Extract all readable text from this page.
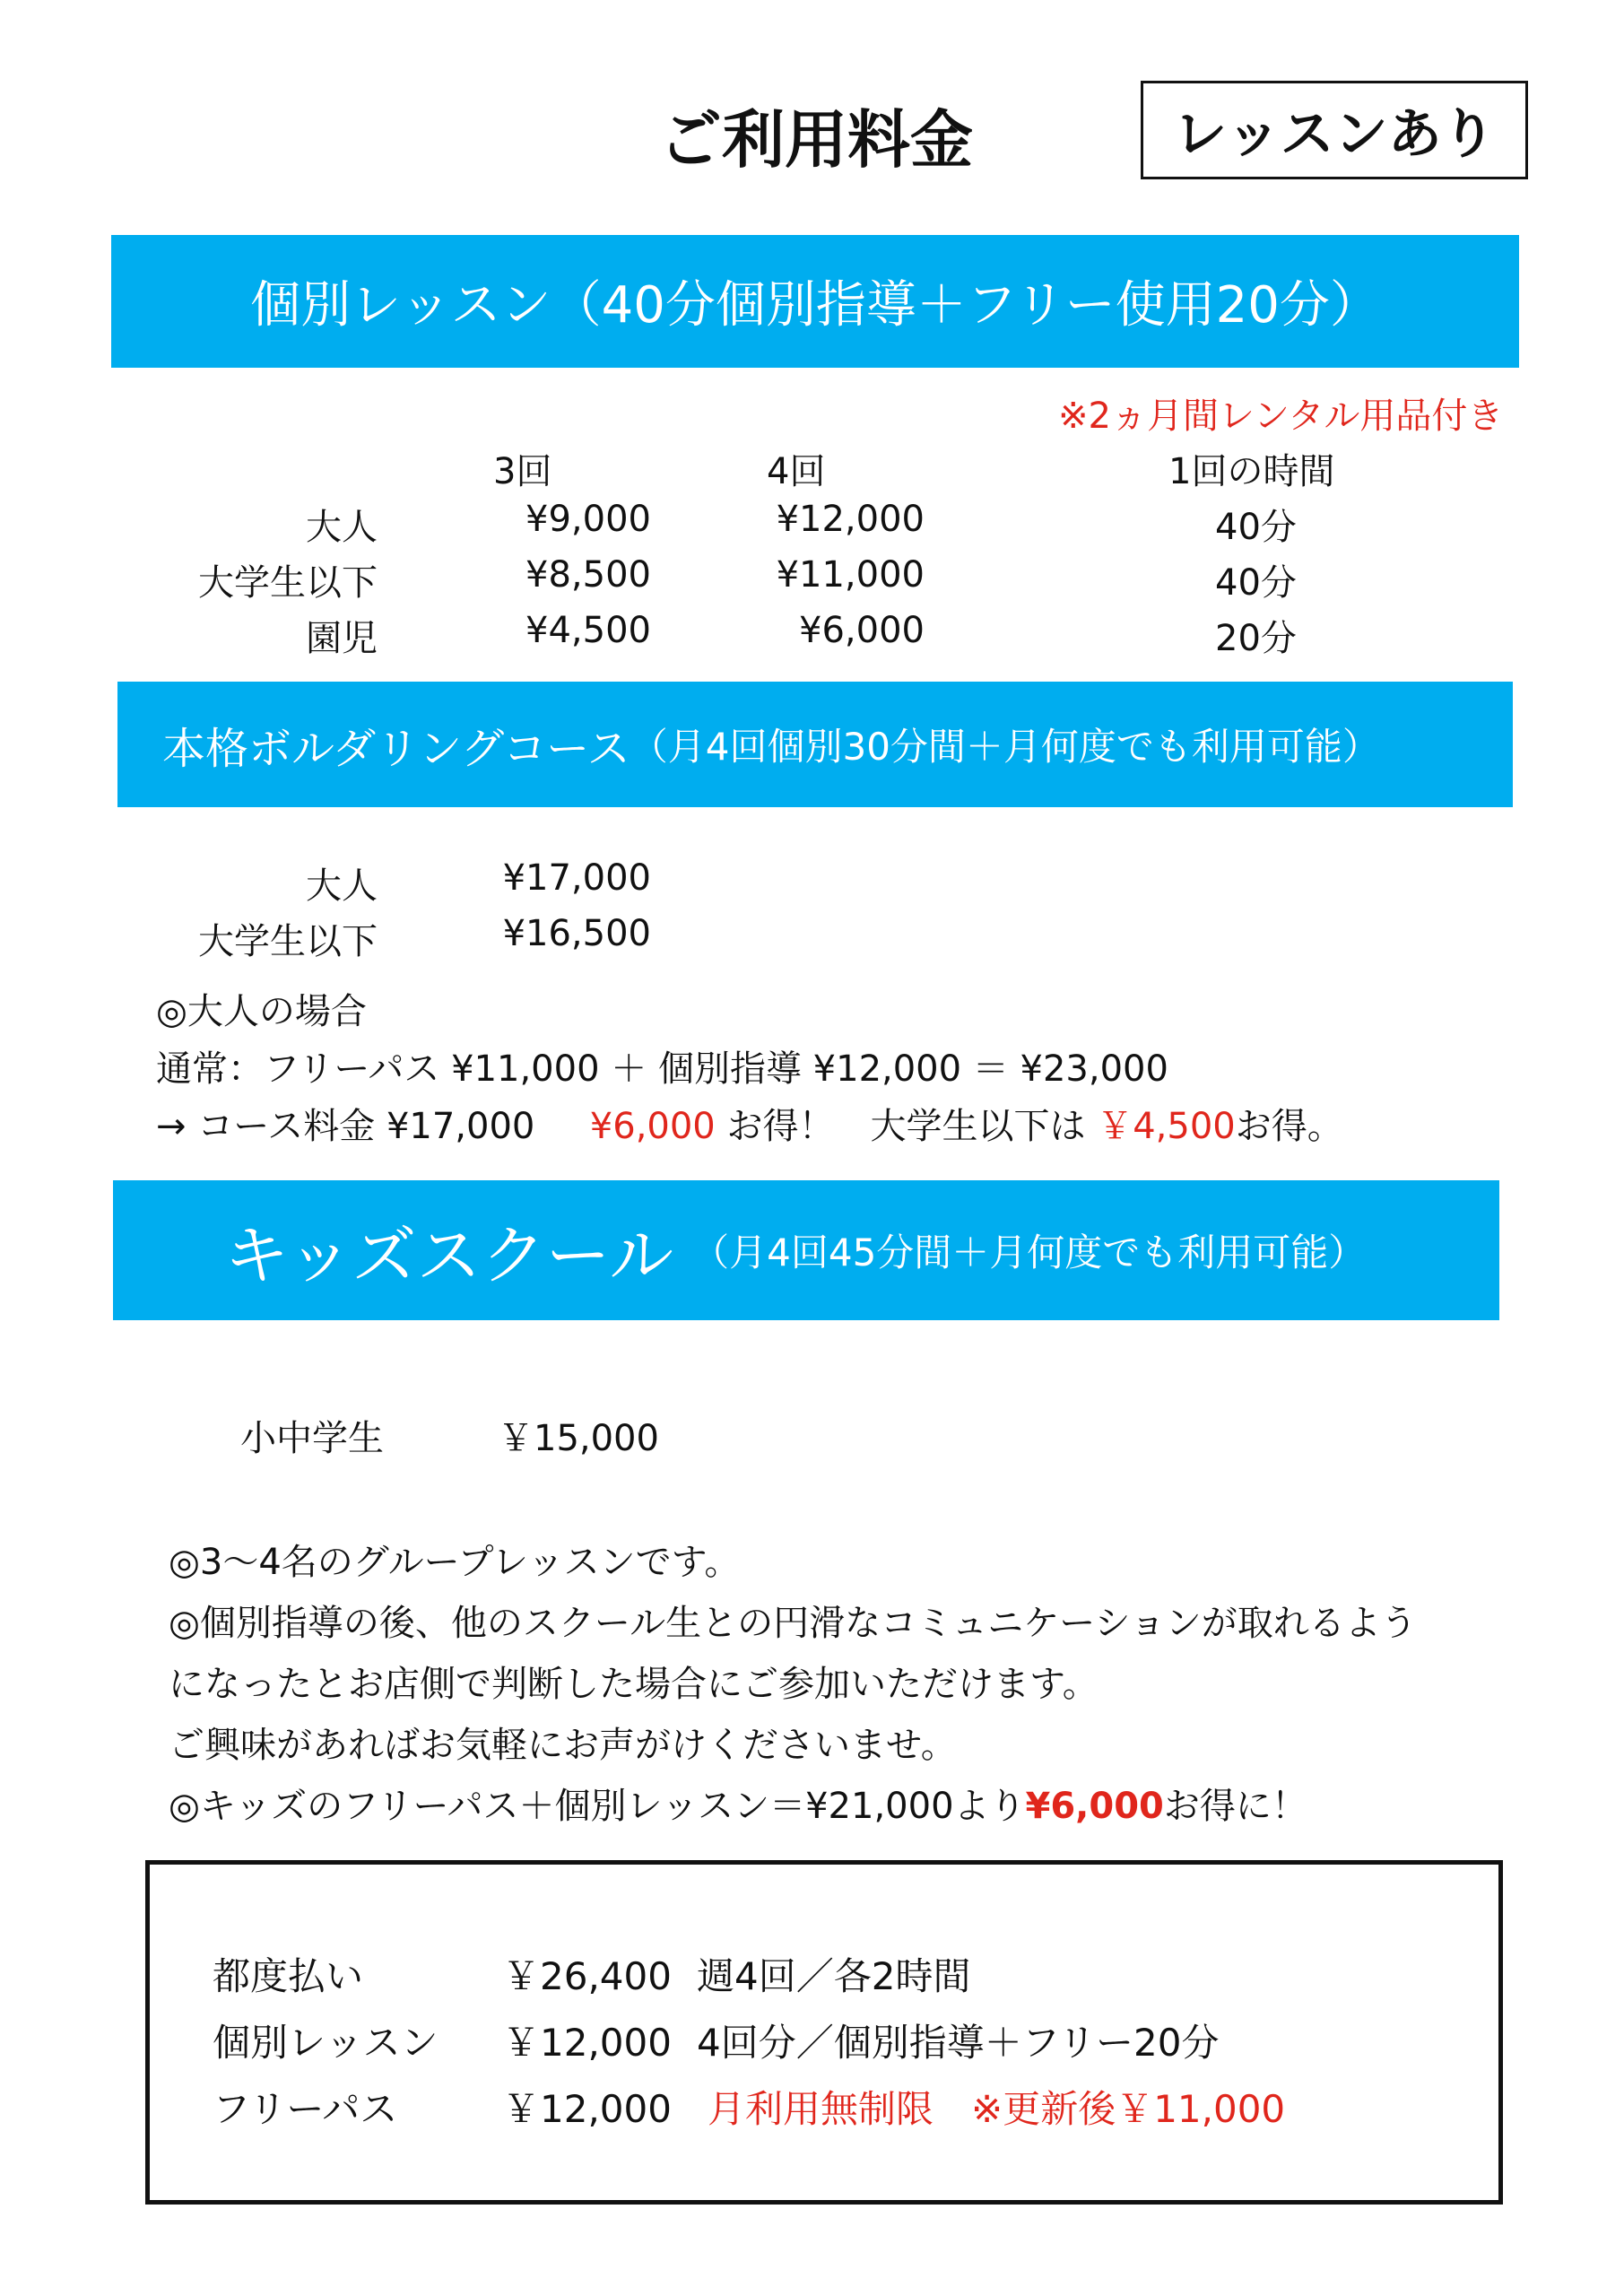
ご利用料金	レッスンあり
個別レッスン（40分個別指導＋フリー使用20分）
※2ヵ月間レンタル用品付き
3回	4回	1回の時間
大人	¥9,000	¥12,000	40分
大学生以下	¥8,500	¥11,000	40分
園児	¥4,500	¥6,000	20分
本格ボルダリングコース （月4回個別30分間＋月何度でも利用可能）
大人	¥17,000
大学生以下	¥16,500
◎大人の場合
通常：フリーパス ¥11,000 ＋ 個別指導 ¥12,000 ＝ ¥23,000
→ コース料金 ¥17,000 ¥6,000 お得！　大学生以下は ￥4,500お得。
キッズスクール （月4回45分間＋月何度でも利用可能）
小中学生	￥15,000
◎3～4名のグループレッスンです。
◎個別指導の後、他のスクール生との円滑なコミュニケーションが取れるよう
になったとお店側で判断した場合にご参加いただけます。
ご興味があればお気軽にお声がけくださいませ。
◎キッズのフリーパス＋個別レッスン＝¥21,000より¥6,000お得に！
都度払い	￥26,400 週4回／各2時間
個別レッスン ￥12,000 4回分／個別指導＋フリー20分
フリーパス	￥12,000 月利用無制限　※更新後￥11,000
